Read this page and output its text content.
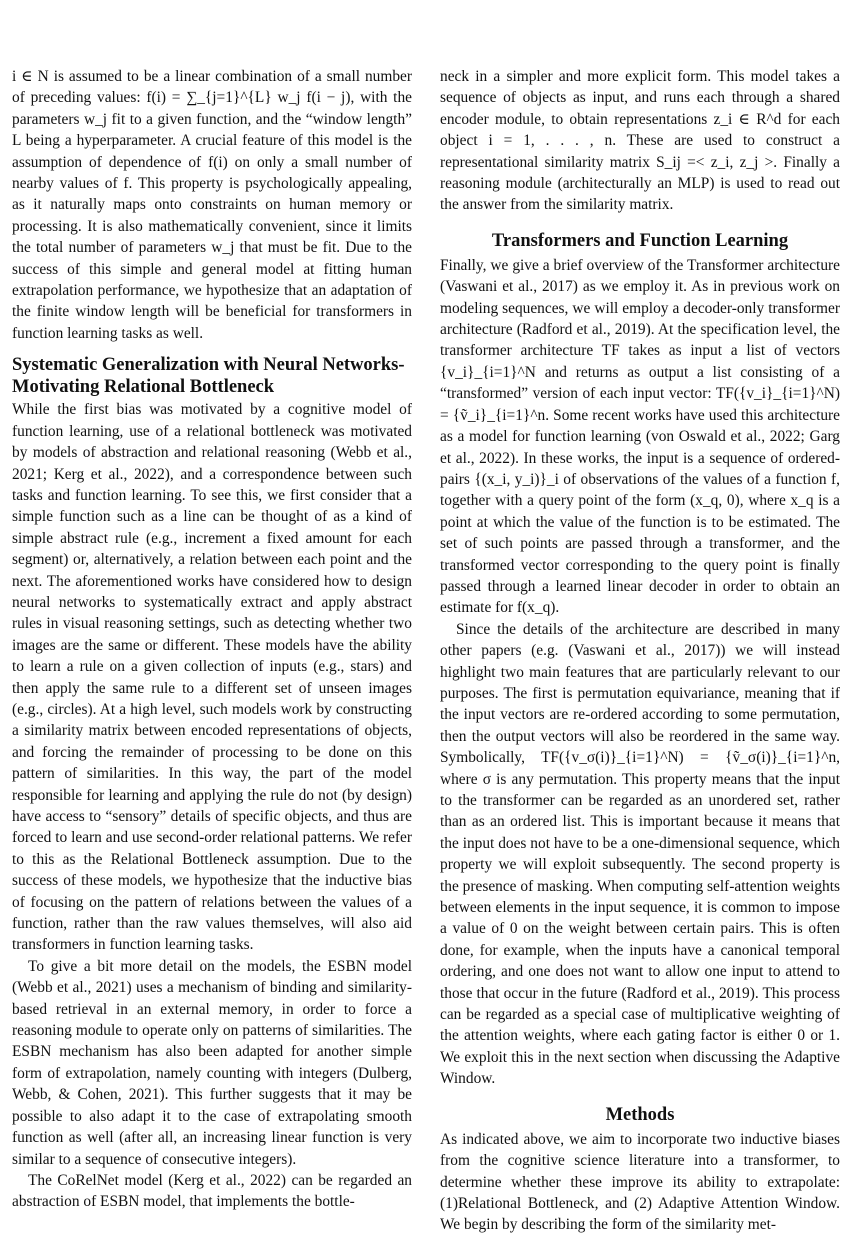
i ∈ N is assumed to be a linear combination of a small number of preceding values: f(i) = ∑_{j=1}^{L} w_j f(i − j), with the parameters w_j fit to a given function, and the “window length” L being a hyperparameter. A crucial feature of this model is the assumption of dependence of f(i) on only a small number of nearby values of f. This property is psychologically appealing, as it naturally maps onto constraints on human memory or processing. It is also mathematically convenient, since it limits the total number of parameters w_j that must be fit. Due to the success of this simple and general model at fitting human extrapolation performance, we hypothesize that an adaptation of the finite window length will be beneficial for transformers in function learning tasks as well.

Systematic Generalization with Neural Networks-Motivating Relational Bottleneck

While the first bias was motivated by a cognitive model of function learning, use of a relational bottleneck was motivated by models of abstraction and relational reasoning (Webb et al., 2021; Kerg et al., 2022), and a correspondence between such tasks and function learning. To see this, we first consider that a simple function such as a line can be thought of as a kind of simple abstract rule (e.g., increment a fixed amount for each segment) or, alternatively, a relation between each point and the next. The aforementioned works have considered how to design neural networks to systematically extract and apply abstract rules in visual reasoning settings, such as detecting whether two images are the same or different. These models have the ability to learn a rule on a given collection of inputs (e.g., stars) and then apply the same rule to a different set of unseen images (e.g., circles). At a high level, such models work by constructing a similarity matrix between encoded representations of objects, and forcing the remainder of processing to be done on this pattern of similarities. In this way, the part of the model responsible for learning and applying the rule do not (by design) have access to “sensory” details of specific objects, and thus are forced to learn and use second-order relational patterns. We refer to this as the Relational Bottleneck assumption. Due to the success of these models, we hypothesize that the inductive bias of focusing on the pattern of relations between the values of a function, rather than the raw values themselves, will also aid transformers in function learning tasks.

To give a bit more detail on the models, the ESBN model (Webb et al., 2021) uses a mechanism of binding and similarity-based retrieval in an external memory, in order to force a reasoning module to operate only on patterns of similarities. The ESBN mechanism has also been adapted for another simple form of extrapolation, namely counting with integers (Dulberg, Webb, & Cohen, 2021). This further suggests that it may be possible to also adapt it to the case of extrapolating smooth function as well (after all, an increasing linear function is very similar to a sequence of consecutive integers).

The CoRelNet model (Kerg et al., 2022) can be regarded an abstraction of ESBN model, that implements the bottle-

neck in a simpler and more explicit form. This model takes a sequence of objects as input, and runs each through a shared encoder module, to obtain representations z_i ∈ R^d for each object i = 1, . . . , n. These are used to construct a representational similarity matrix S_ij =< z_i, z_j >. Finally a reasoning module (architecturally an MLP) is used to read out the answer from the similarity matrix.

Transformers and Function Learning

Finally, we give a brief overview of the Transformer architecture (Vaswani et al., 2017) as we employ it. As in previous work on modeling sequences, we will employ a decoder-only transformer architecture (Radford et al., 2019). At the specification level, the transformer architecture TF takes as input a list of vectors {v_i}_{i=1}^N and returns as output a list consisting of a “transformed” version of each input vector: TF({v_i}_{i=1}^N) = {ṽ_i}_{i=1}^n. Some recent works have used this architecture as a model for function learning (von Oswald et al., 2022; Garg et al., 2022). In these works, the input is a sequence of ordered-pairs {(x_i, y_i)}_i of observations of the values of a function f, together with a query point of the form (x_q, 0), where x_q is a point at which the value of the function is to be estimated. The set of such points are passed through a transformer, and the transformed vector corresponding to the query point is finally passed through a learned linear decoder in order to obtain an estimate for f(x_q).

Since the details of the architecture are described in many other papers (e.g. (Vaswani et al., 2017)) we will instead highlight two main features that are particularly relevant to our purposes. The first is permutation equivariance, meaning that if the input vectors are re-ordered according to some permutation, then the output vectors will also be reordered in the same way. Symbolically, TF({v_σ(i)}_{i=1}^N) = {ṽ_σ(i)}_{i=1}^n, where σ is any permutation. This property means that the input to the transformer can be regarded as an unordered set, rather than as an ordered list. This is important because it means that the input does not have to be a one-dimensional sequence, which property we will exploit subsequently. The second property is the presence of masking. When computing self-attention weights between elements in the input sequence, it is common to impose a value of 0 on the weight between certain pairs. This is often done, for example, when the inputs have a canonical temporal ordering, and one does not want to allow one input to attend to those that occur in the future (Radford et al., 2019). This process can be regarded as a special case of multiplicative weighting of the attention weights, where each gating factor is either 0 or 1. We exploit this in the next section when discussing the Adaptive Window.

Methods

As indicated above, we aim to incorporate two inductive biases from the cognitive science literature into a transformer, to determine whether these improve its ability to extrapolate: (1)Relational Bottleneck, and (2) Adaptive Attention Window. We begin by describing the form of the similarity met-
